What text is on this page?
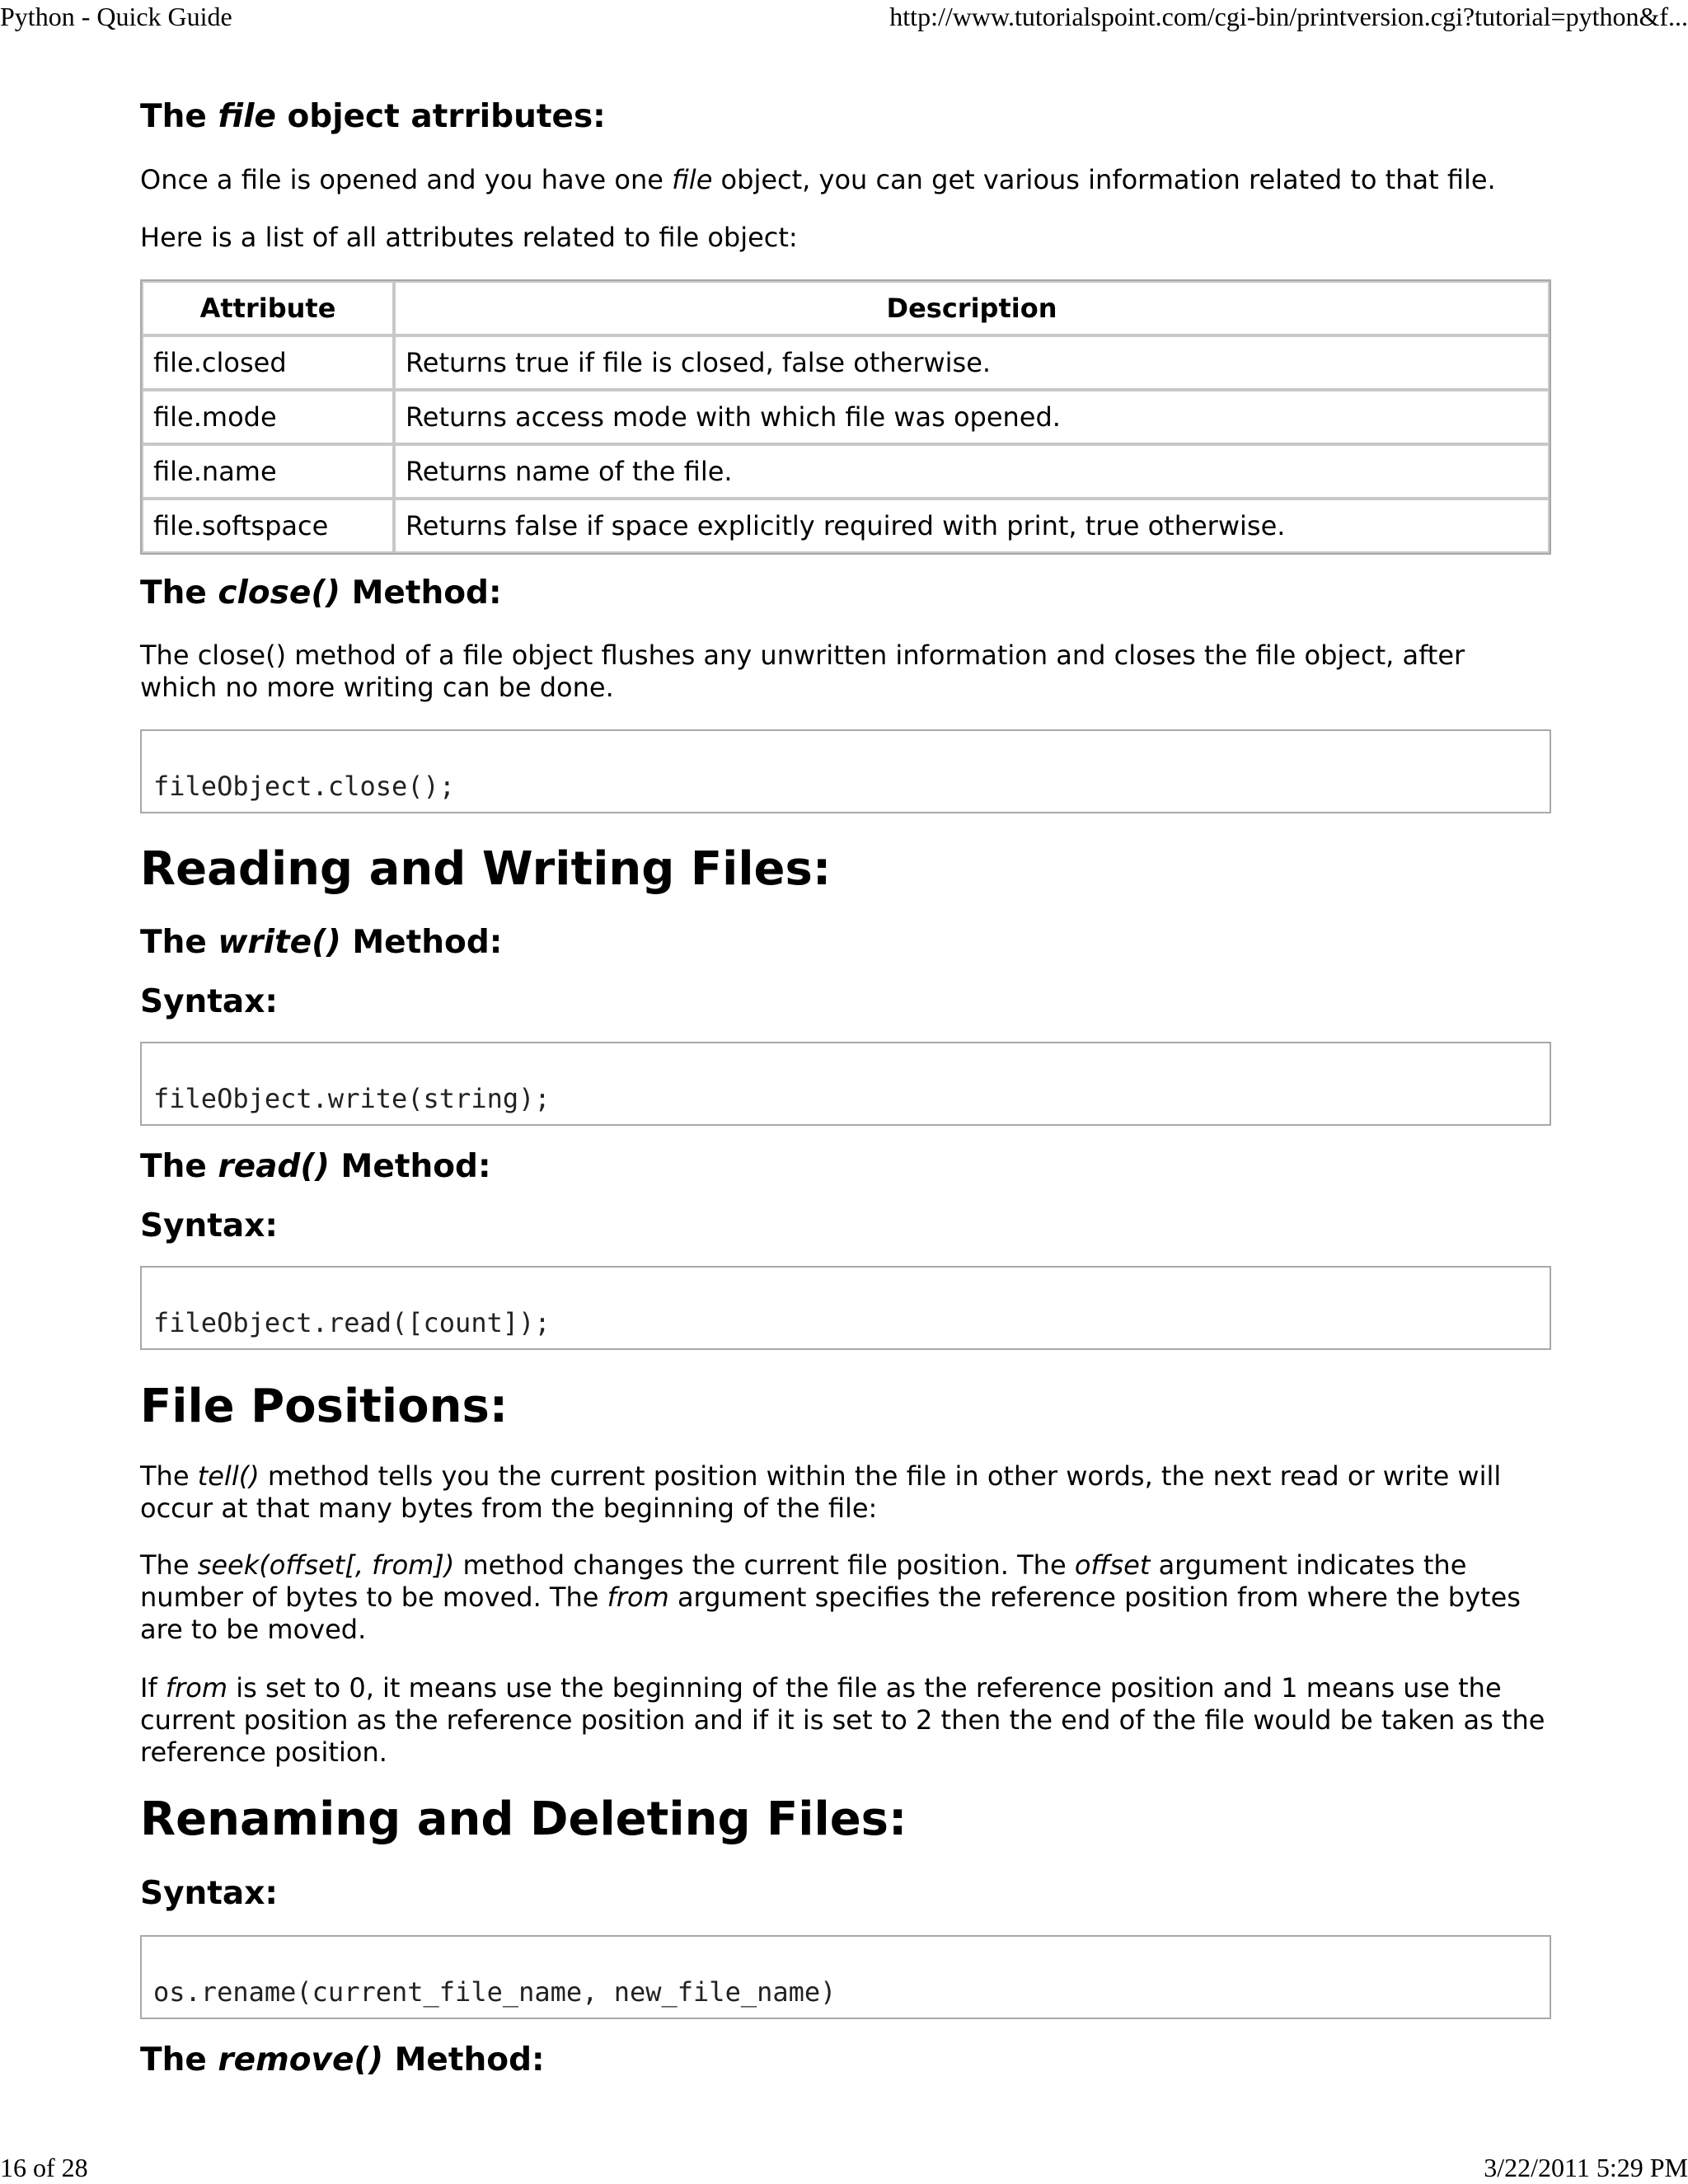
Python - Quick Guide	http://www.tutorialspoint.com/cgi-bin/printversion.cgi?tutorial=python&f...
The file object atrributes:

Once a file is opened and you have one file object, you can get various information related to that file.

Here is a list of all attributes related to file object:

Attribute	Description
file.closed	Returns true if file is closed, false otherwise.
file.mode	Returns access mode with which file was opened.
file.name	Returns name of the file.
file.softspace	Returns false if space explicitly required with print, true otherwise.
The close() Method:

The close() method of a file object flushes any unwritten information and closes the file object, after which no more writing can be done.

fileObject.close();
Reading and Writing Files:
The write() Method:
Syntax:
fileObject.write(string);
The read() Method:
Syntax:
fileObject.read([count]);
File Positions:

The tell() method tells you the current position within the file in other words, the next read or write will occur at that many bytes from the beginning of the file:

The seek(offset[, from]) method changes the current file position. The offset argument indicates the number of bytes to be moved. The from argument specifies the reference position from where the bytes are to be moved.

If from is set to 0, it means use the beginning of the file as the reference position and 1 means use the current position as the reference position and if it is set to 2 then the end of the file would be taken as the reference position.

Renaming and Deleting Files:
Syntax:
os.rename(current_file_name, new_file_name)
The remove() Method:
16 of 28	3/22/2011 5:29 PM
